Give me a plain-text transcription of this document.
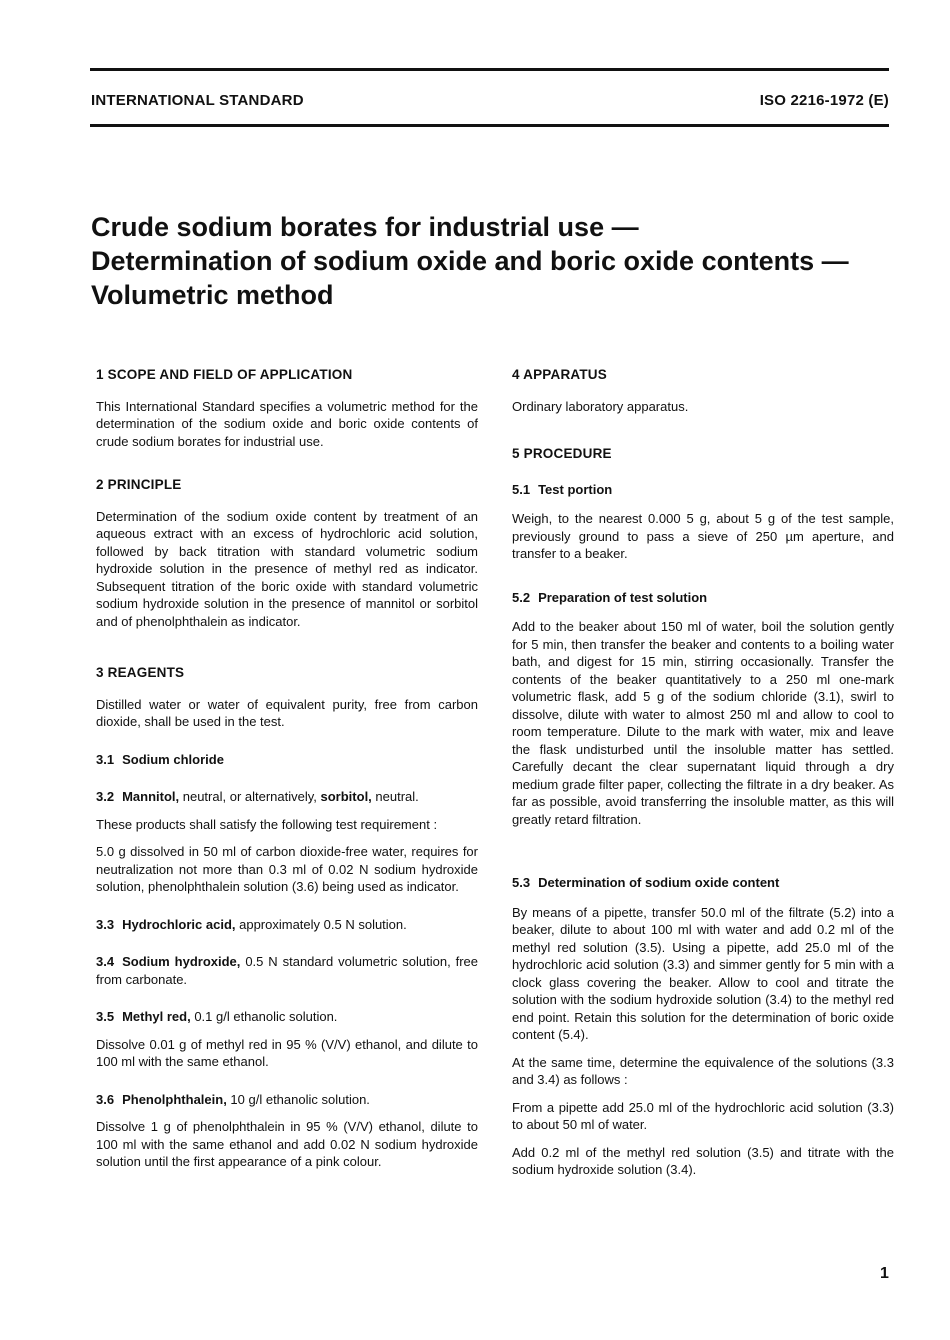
INTERNATIONAL STANDARD	ISO 2216-1972 (E)
Crude sodium borates for industrial use —
Determination of sodium oxide and boric oxide contents —
Volumetric method
1 SCOPE AND FIELD OF APPLICATION

This International Standard specifies a volumetric method for the determination of the sodium oxide and boric oxide contents of crude sodium borates for industrial use.

2 PRINCIPLE

Determination of the sodium oxide content by treatment of an aqueous extract with an excess of hydrochloric acid solution, followed by back titration with standard volumetric sodium hydroxide solution in the presence of methyl red as indicator. Subsequent titration of the boric oxide with standard volumetric sodium hydroxide solution in the presence of mannitol or sorbitol and of phenolphthalein as indicator.

3 REAGENTS

Distilled water or water of equivalent purity, free from carbon dioxide, shall be used in the test.

3.1 Sodium chloride

3.2 Mannitol, neutral, or alternatively, sorbitol, neutral.

These products shall satisfy the following test requirement :

5.0 g dissolved in 50 ml of carbon dioxide-free water, requires for neutralization not more than 0.3 ml of 0.02 N sodium hydroxide solution, phenolphthalein solution (3.6) being used as indicator.

3.3 Hydrochloric acid, approximately 0.5 N solution.

3.4 Sodium hydroxide, 0.5 N standard volumetric solution, free from carbonate.

3.5 Methyl red, 0.1 g/l ethanolic solution.

Dissolve 0.01 g of methyl red in 95 % (V/V) ethanol, and dilute to 100 ml with the same ethanol.

3.6 Phenolphthalein, 10 g/l ethanolic solution.

Dissolve 1 g of phenolphthalein in 95 % (V/V) ethanol, dilute to 100 ml with the same ethanol and add 0.02 N sodium hydroxide solution until the first appearance of a pink colour.

4 APPARATUS

Ordinary laboratory apparatus.

5 PROCEDURE
5.1 Test portion

Weigh, to the nearest 0.000 5 g, about 5 g of the test sample, previously ground to pass a sieve of 250 µm aperture, and transfer to a beaker.

5.2 Preparation of test solution

Add to the beaker about 150 ml of water, boil the solution gently for 5 min, then transfer the beaker and contents to a boiling water bath, and digest for 15 min, stirring occasionally. Transfer the contents of the beaker quantitatively to a 250 ml one-mark volumetric flask, add 5 g of the sodium chloride (3.1), swirl to dissolve, dilute with water to almost 250 ml and allow to cool to room temperature. Dilute to the mark with water, mix and leave the flask undisturbed until the insoluble matter has settled. Carefully decant the clear supernatant liquid through a dry medium grade filter paper, collecting the filtrate in a dry beaker. As far as possible, avoid transferring the insoluble matter, as this will greatly retard filtration.

5.3 Determination of sodium oxide content

By means of a pipette, transfer 50.0 ml of the filtrate (5.2) into a beaker, dilute to about 100 ml with water and add 0.2 ml of the methyl red solution (3.5). Using a pipette, add 25.0 ml of the hydrochloric acid solution (3.3) and simmer gently for 5 min with a clock glass covering the beaker. Allow to cool and titrate the solution with the sodium hydroxide solution (3.4) to the methyl red end point. Retain this solution for the determination of boric oxide content (5.4).

At the same time, determine the equivalence of the solutions (3.3 and 3.4) as follows :

From a pipette add 25.0 ml of the hydrochloric acid solution (3.3) to about 50 ml of water.

Add 0.2 ml of the methyl red solution (3.5) and titrate with the sodium hydroxide solution (3.4).

1
